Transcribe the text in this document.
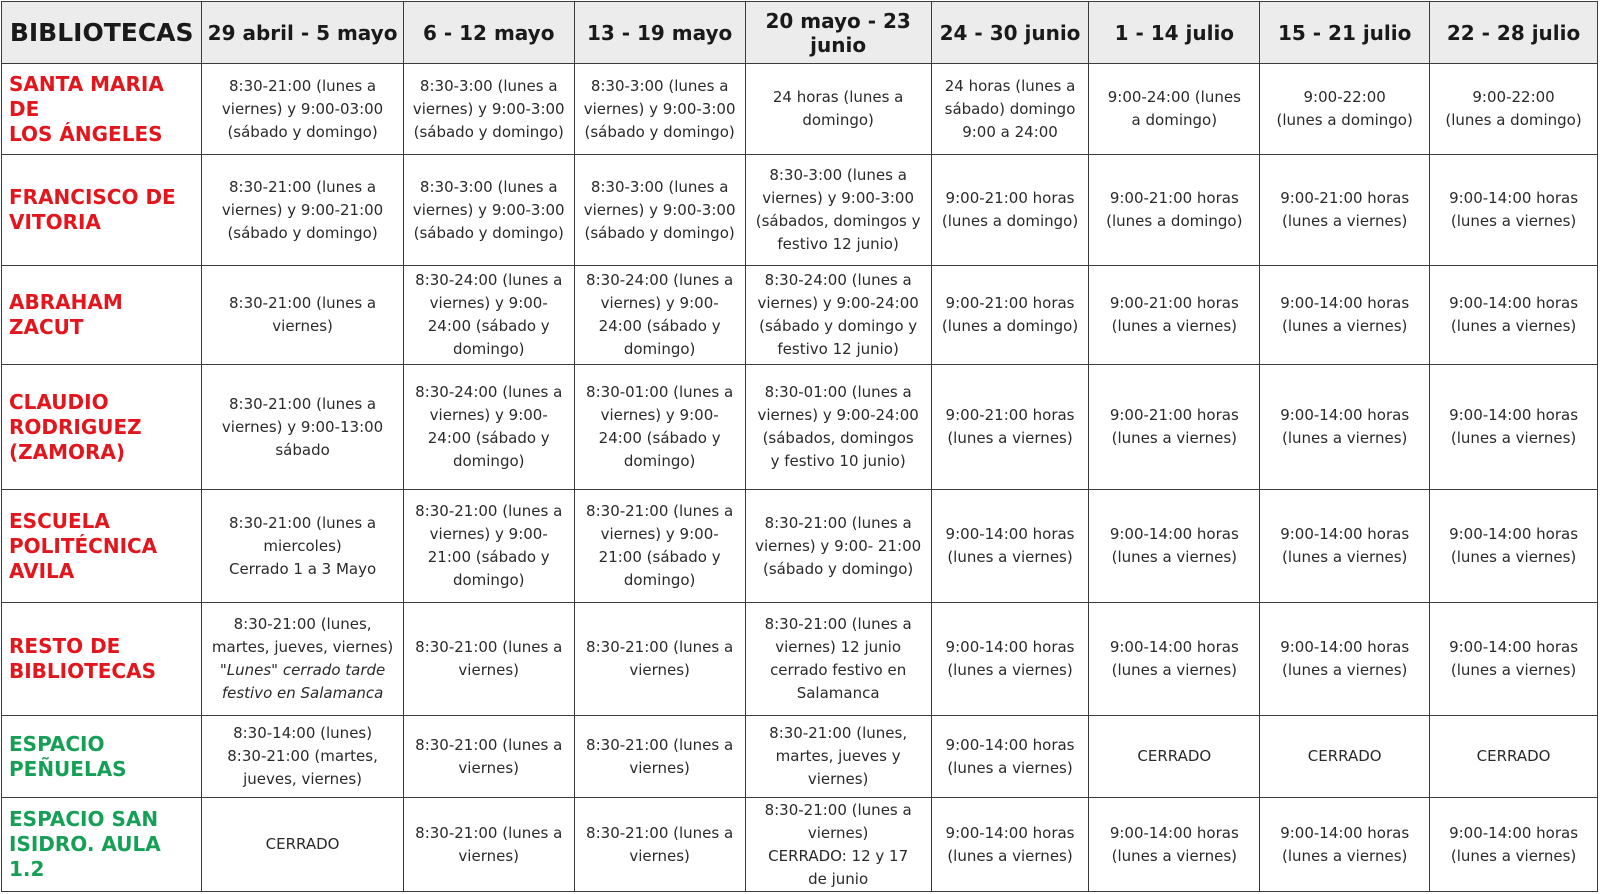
BIBLIOTECAS	29 abril - 5 mayo	6 - 12 mayo	13 - 19 mayo	20 mayo - 23 junio	24 - 30 junio	1 - 14 julio	15 - 21 julio	22 - 28 julio

SANTA MARIA DE
LOS ÁNGELES	8:30-21:00 (lunes a
viernes) y 9:00-03:00
(sábado y domingo)	8:30-3:00 (lunes a
viernes) y 9:00-3:00
(sábado y domingo)	8:30-3:00 (lunes a
viernes) y 9:00-3:00
(sábado y domingo)	24 horas (lunes a
domingo)	24 horas (lunes a
sábado) domingo
9:00 a 24:00	9:00-24:00 (lunes
a domingo)	9:00-22:00
(lunes a domingo)	9:00-22:00
(lunes a domingo)

FRANCISCO DE
VITORIA	8:30-21:00 (lunes a
viernes) y 9:00-21:00
(sábado y domingo)	8:30-3:00 (lunes a
viernes) y 9:00-3:00
(sábado y domingo)	8:30-3:00 (lunes a
viernes) y 9:00-3:00
(sábado y domingo)	8:30-3:00 (lunes a
viernes) y 9:00-3:00
(sábados, domingos y
festivo 12 junio)	9:00-21:00 horas
(lunes a domingo)	9:00-21:00 horas
(lunes a domingo)	9:00-21:00 horas
(lunes a viernes)	9:00-14:00 horas
(lunes a viernes)

ABRAHAM ZACUT	8:30-21:00 (lunes a
viernes)	8:30-24:00 (lunes a
viernes) y 9:00-
24:00 (sábado y
domingo)	8:30-24:00 (lunes a
viernes) y 9:00-
24:00 (sábado y
domingo)	8:30-24:00 (lunes a
viernes) y 9:00-24:00
(sábado y domingo y
festivo 12 junio)	9:00-21:00 horas
(lunes a domingo)	9:00-21:00 horas
(lunes a viernes)	9:00-14:00 horas
(lunes a viernes)	9:00-14:00 horas
(lunes a viernes)

CLAUDIO
RODRIGUEZ
(ZAMORA)	8:30-21:00 (lunes a
viernes) y 9:00-13:00
sábado	8:30-24:00 (lunes a
viernes) y 9:00-
24:00 (sábado y
domingo)	8:30-01:00 (lunes a
viernes) y 9:00-
24:00 (sábado y
domingo)	8:30-01:00 (lunes a
viernes) y 9:00-24:00
(sábados, domingos
y festivo 10 junio)	9:00-21:00 horas
(lunes a viernes)	9:00-21:00 horas
(lunes a viernes)	9:00-14:00 horas
(lunes a viernes)	9:00-14:00 horas
(lunes a viernes)

ESCUELA
POLITÉCNICA
AVILA	8:30-21:00 (lunes a
miercoles)
Cerrado 1 a 3 Mayo	8:30-21:00 (lunes a
viernes) y 9:00-
21:00 (sábado y
domingo)	8:30-21:00 (lunes a
viernes) y 9:00-
21:00 (sábado y
domingo)	8:30-21:00 (lunes a
viernes) y 9:00- 21:00
(sábado y domingo)	9:00-14:00 horas
(lunes a viernes)	9:00-14:00 horas
(lunes a viernes)	9:00-14:00 horas
(lunes a viernes)	9:00-14:00 horas
(lunes a viernes)

RESTO DE
BIBLIOTECAS	8:30-21:00 (lunes,
martes, jueves, viernes)
"Lunes" cerrado tarde
festivo en Salamanca	8:30-21:00 (lunes a
viernes)	8:30-21:00 (lunes a
viernes)	8:30-21:00 (lunes a
viernes) 12 junio
cerrado festivo en
Salamanca	9:00-14:00 horas
(lunes a viernes)	9:00-14:00 horas
(lunes a viernes)	9:00-14:00 horas
(lunes a viernes)	9:00-14:00 horas
(lunes a viernes)

ESPACIO
PEÑUELAS	8:30-14:00 (lunes)
8:30-21:00 (martes,
jueves, viernes)	8:30-21:00 (lunes a
viernes)	8:30-21:00 (lunes a
viernes)	8:30-21:00 (lunes,
martes, jueves y
viernes)	9:00-14:00 horas
(lunes a viernes)	CERRADO	CERRADO	CERRADO

ESPACIO SAN
ISIDRO. AULA 1.2	CERRADO	8:30-21:00 (lunes a
viernes)	8:30-21:00 (lunes a
viernes)	8:30-21:00 (lunes a
viernes)
CERRADO: 12 y 17
de junio	9:00-14:00 horas
(lunes a viernes)	9:00-14:00 horas
(lunes a viernes)	9:00-14:00 horas
(lunes a viernes)	9:00-14:00 horas
(lunes a viernes)
